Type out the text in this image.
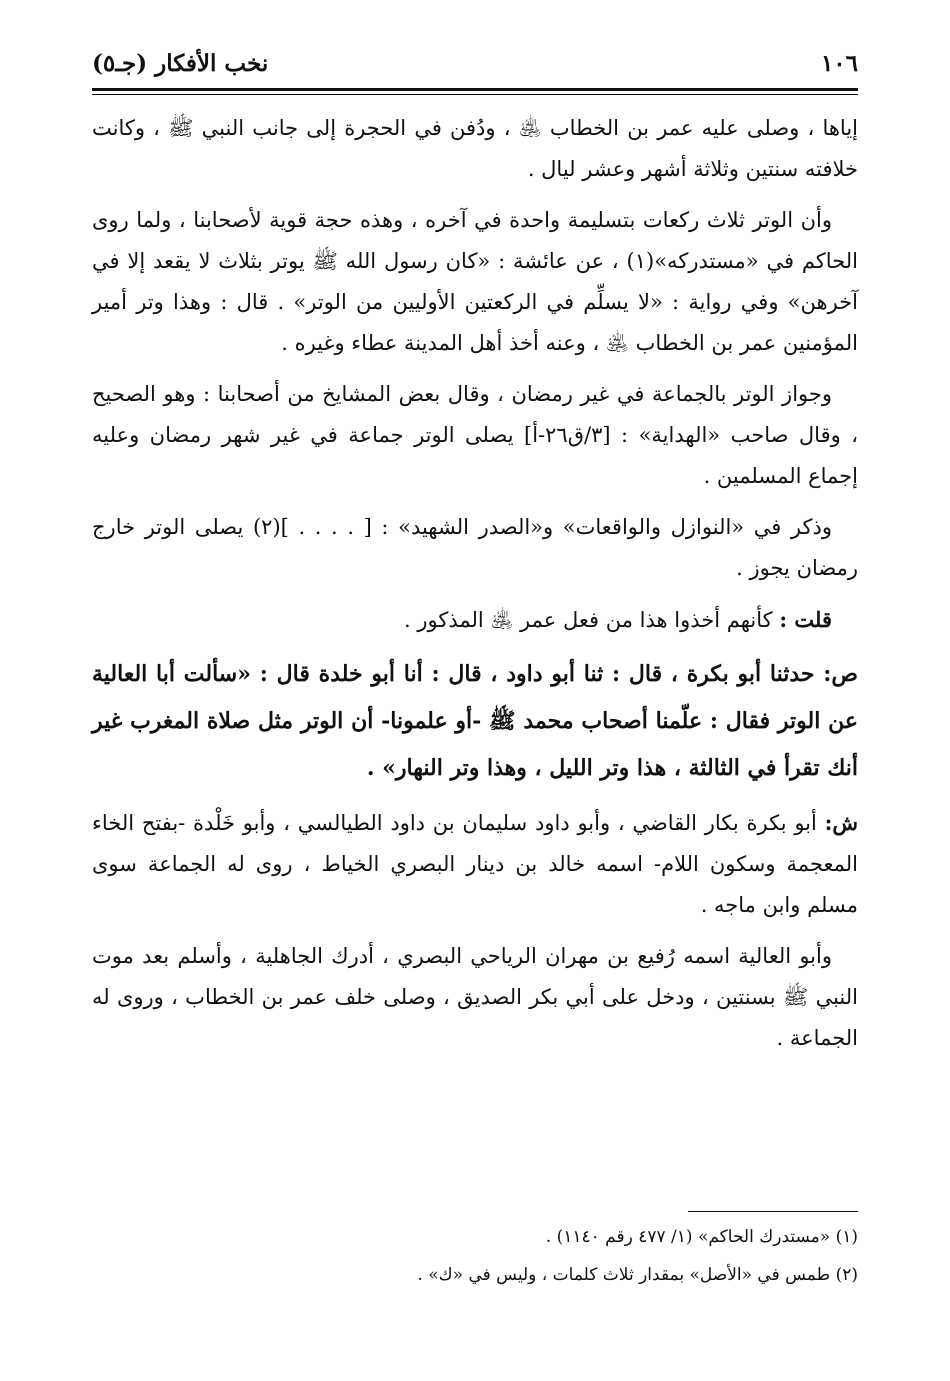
نخب الأفكار (جـ٥)	١٠٦

إياها ، وصلى عليه عمر بن الخطاب ﵁ ، ودُفن في الحجرة إلى جانب النبي ﷺ ، وكانت خلافته سنتين وثلاثة أشهر وعشر ليال .

وأن الوتر ثلاث ركعات بتسليمة واحدة في آخره ، وهذه حجة قوية لأصحابنا ، ولما روى الحاكم في «مستدركه»(١) ، عن عائشة : «كان رسول الله ﷺ يوتر بثلاث لا يقعد إلا في آخرهن» وفي رواية : «لا يسلِّم في الركعتين الأوليين من الوتر» . قال : وهذا وتر أمير المؤمنين عمر بن الخطاب ﵁ ، وعنه أخذ أهل المدينة عطاء وغيره .

وجواز الوتر بالجماعة في غير رمضان ، وقال بعض المشايخ من أصحابنا : وهو الصحيح ، وقال صاحب «الهداية» : [٣/ق٢٦-أ] يصلى الوتر جماعة في غير شهر رمضان وعليه إجماع المسلمين .

وذكر في «النوازل والواقعات» و«الصدر الشهيد» : [ . . . . ](٢) يصلى الوتر خارج رمضان يجوز .

قلت : كأنهم أخذوا هذا من فعل عمر ﵁ المذكور .

ص: حدثنا أبو بكرة ، قال : ثنا أبو داود ، قال : أنا أبو خلدة قال : «سألت أبا العالية عن الوتر فقال : علّمنا أصحاب محمد ﷺ -أو علمونا- أن الوتر مثل صلاة المغرب غير أنك تقرأ في الثالثة ، هذا وتر الليل ، وهذا وتر النهار» .

ش: أبو بكرة بكار القاضي ، وأبو داود سليمان بن داود الطيالسي ، وأبو خَلْدة -بفتح الخاء المعجمة وسكون اللام- اسمه خالد بن دينار البصري الخياط ، روى له الجماعة سوى مسلم وابن ماجه .

وأبو العالية اسمه رُفيع بن مهران الرياحي البصري ، أدرك الجاهلية ، وأسلم بعد موت النبي ﷺ بسنتين ، ودخل على أبي بكر الصديق ، وصلى خلف عمر بن الخطاب ، وروى له الجماعة .

(١) «مستدرك الحاكم» (١/ ٤٧٧ رقم ١١٤٠) .
(٢) طمس في «الأصل» بمقدار ثلاث كلمات ، وليس في «ك» .
